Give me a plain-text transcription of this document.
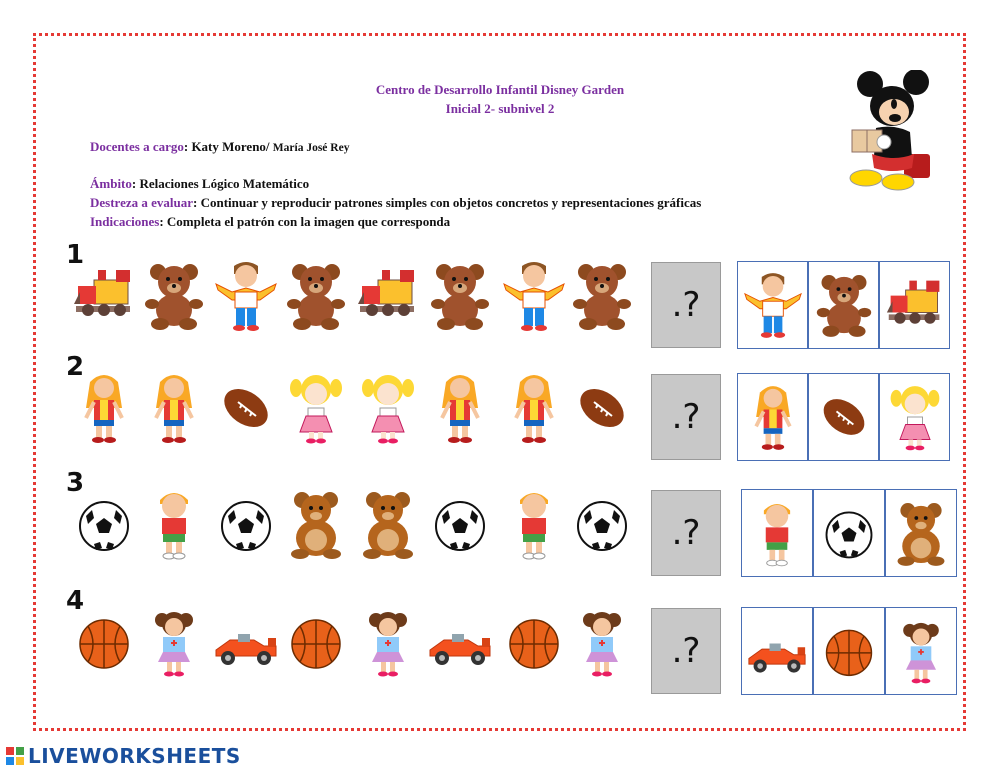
Centro de Desarrollo Infantil Disney Garden
Inicial 2- subnivel 2
Docentes a cargo: Katy Moreno/ María José Rey
Ámbito: Relaciones Lógico Matemático
Destreza a evaluar: Continuar y reproducir patrones simples con objetos concretos y representaciones gráficas
Indicaciones: Completa el patrón con la imagen que corresponda
1
.?
2
.?
3
.?
4
.?
LIVEWORKSHEETS
